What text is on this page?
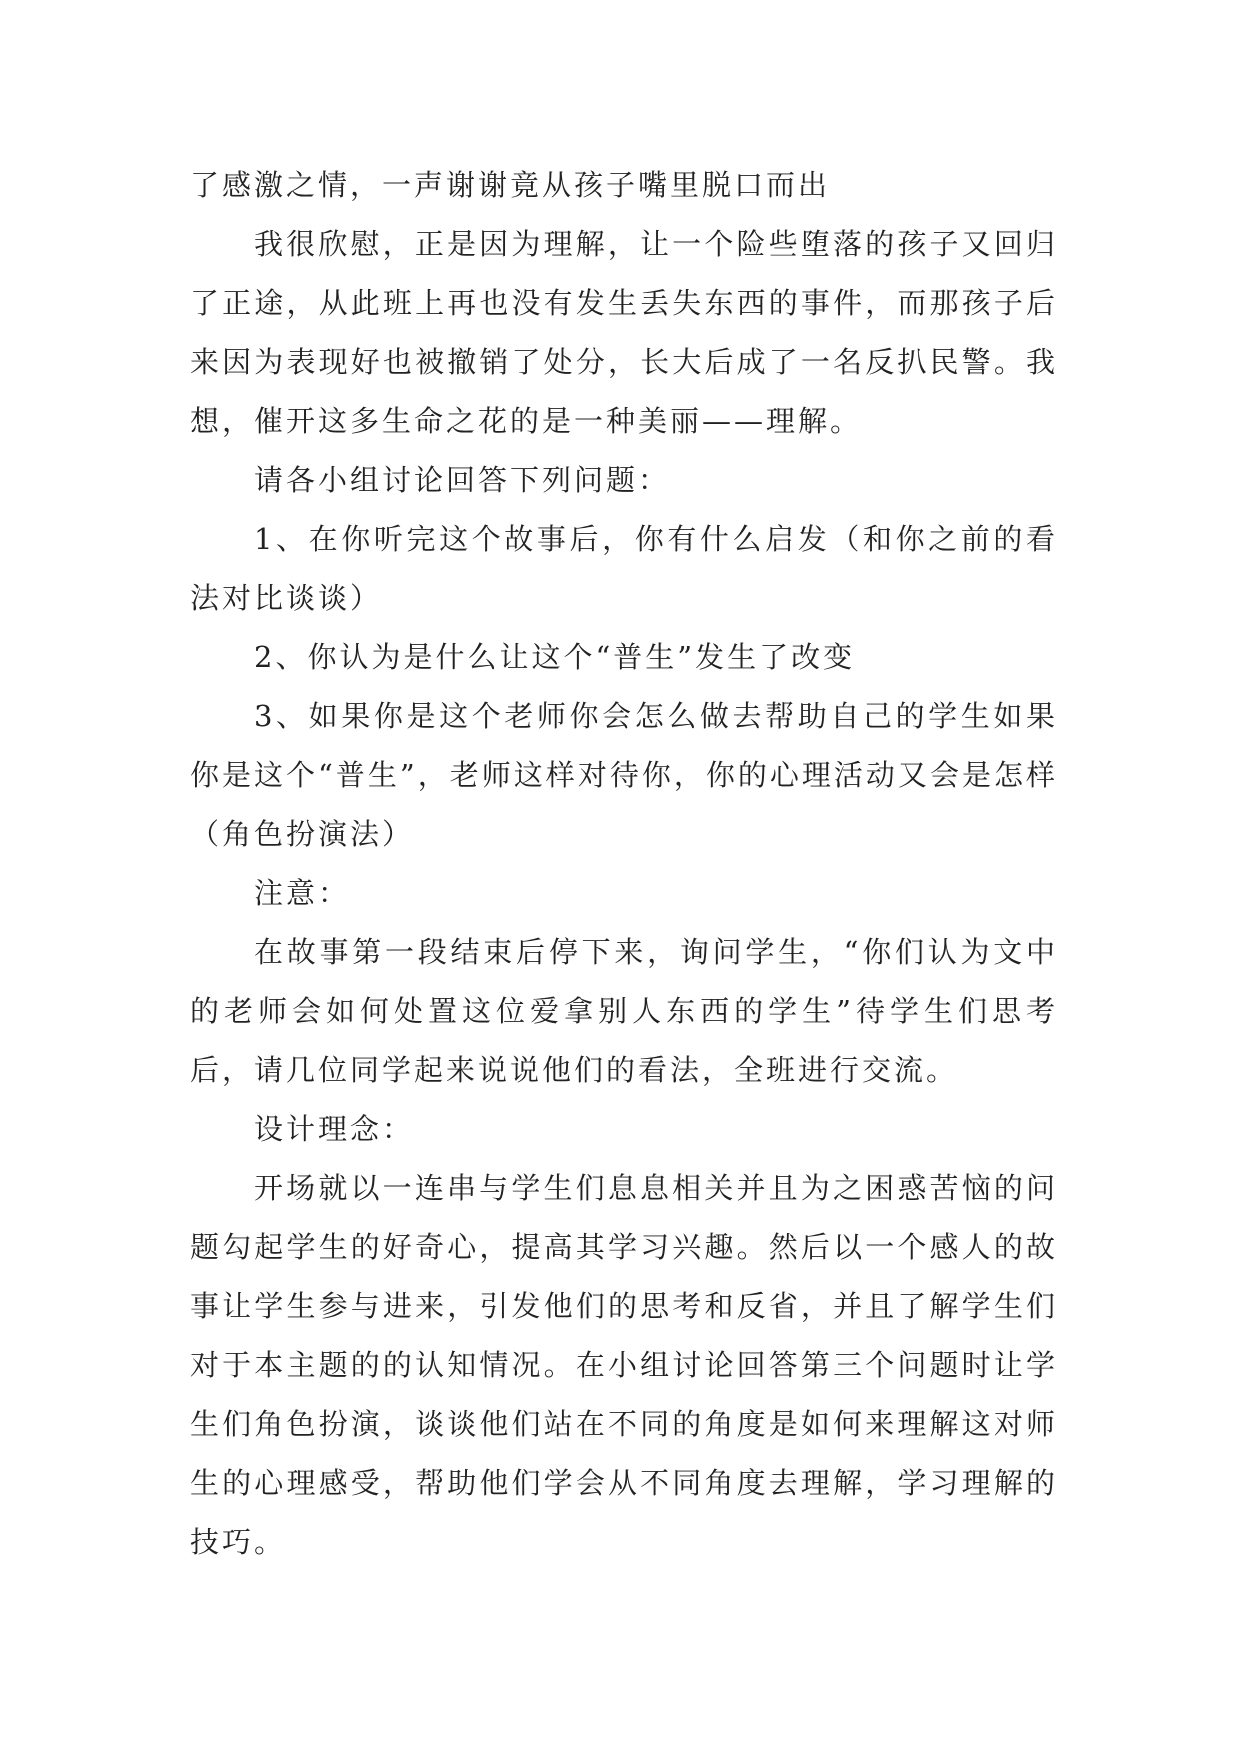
了感激之情，一声谢谢竟从孩子嘴里脱口而出

我很欣慰，正是因为理解，让一个险些堕落的孩子又回归了正途，从此班上再也没有发生丢失东西的事件，而那孩子后来因为表现好也被撤销了处分，长大后成了一名反扒民警。我想，催开这多生命之花的是一种美丽——理解。

请各小组讨论回答下列问题：

1、在你听完这个故事后，你有什么启发（和你之前的看法对比谈谈）

2、你认为是什么让这个“普生”发生了改变

3、如果你是这个老师你会怎么做去帮助自己的学生如果你是这个“普生”，老师这样对待你，你的心理活动又会是怎样（角色扮演法）

注意：

在故事第一段结束后停下来，询问学生，“你们认为文中的老师会如何处置这位爱拿别人东西的学生”待学生们思考后，请几位同学起来说说他们的看法，全班进行交流。

设计理念：

开场就以一连串与学生们息息相关并且为之困惑苦恼的问题勾起学生的好奇心，提高其学习兴趣。然后以一个感人的故事让学生参与进来，引发他们的思考和反省，并且了解学生们对于本主题的的认知情况。在小组讨论回答第三个问题时让学生们角色扮演，谈谈他们站在不同的角度是如何来理解这对师生的心理感受，帮助他们学会从不同角度去理解，学习理解的技巧。
